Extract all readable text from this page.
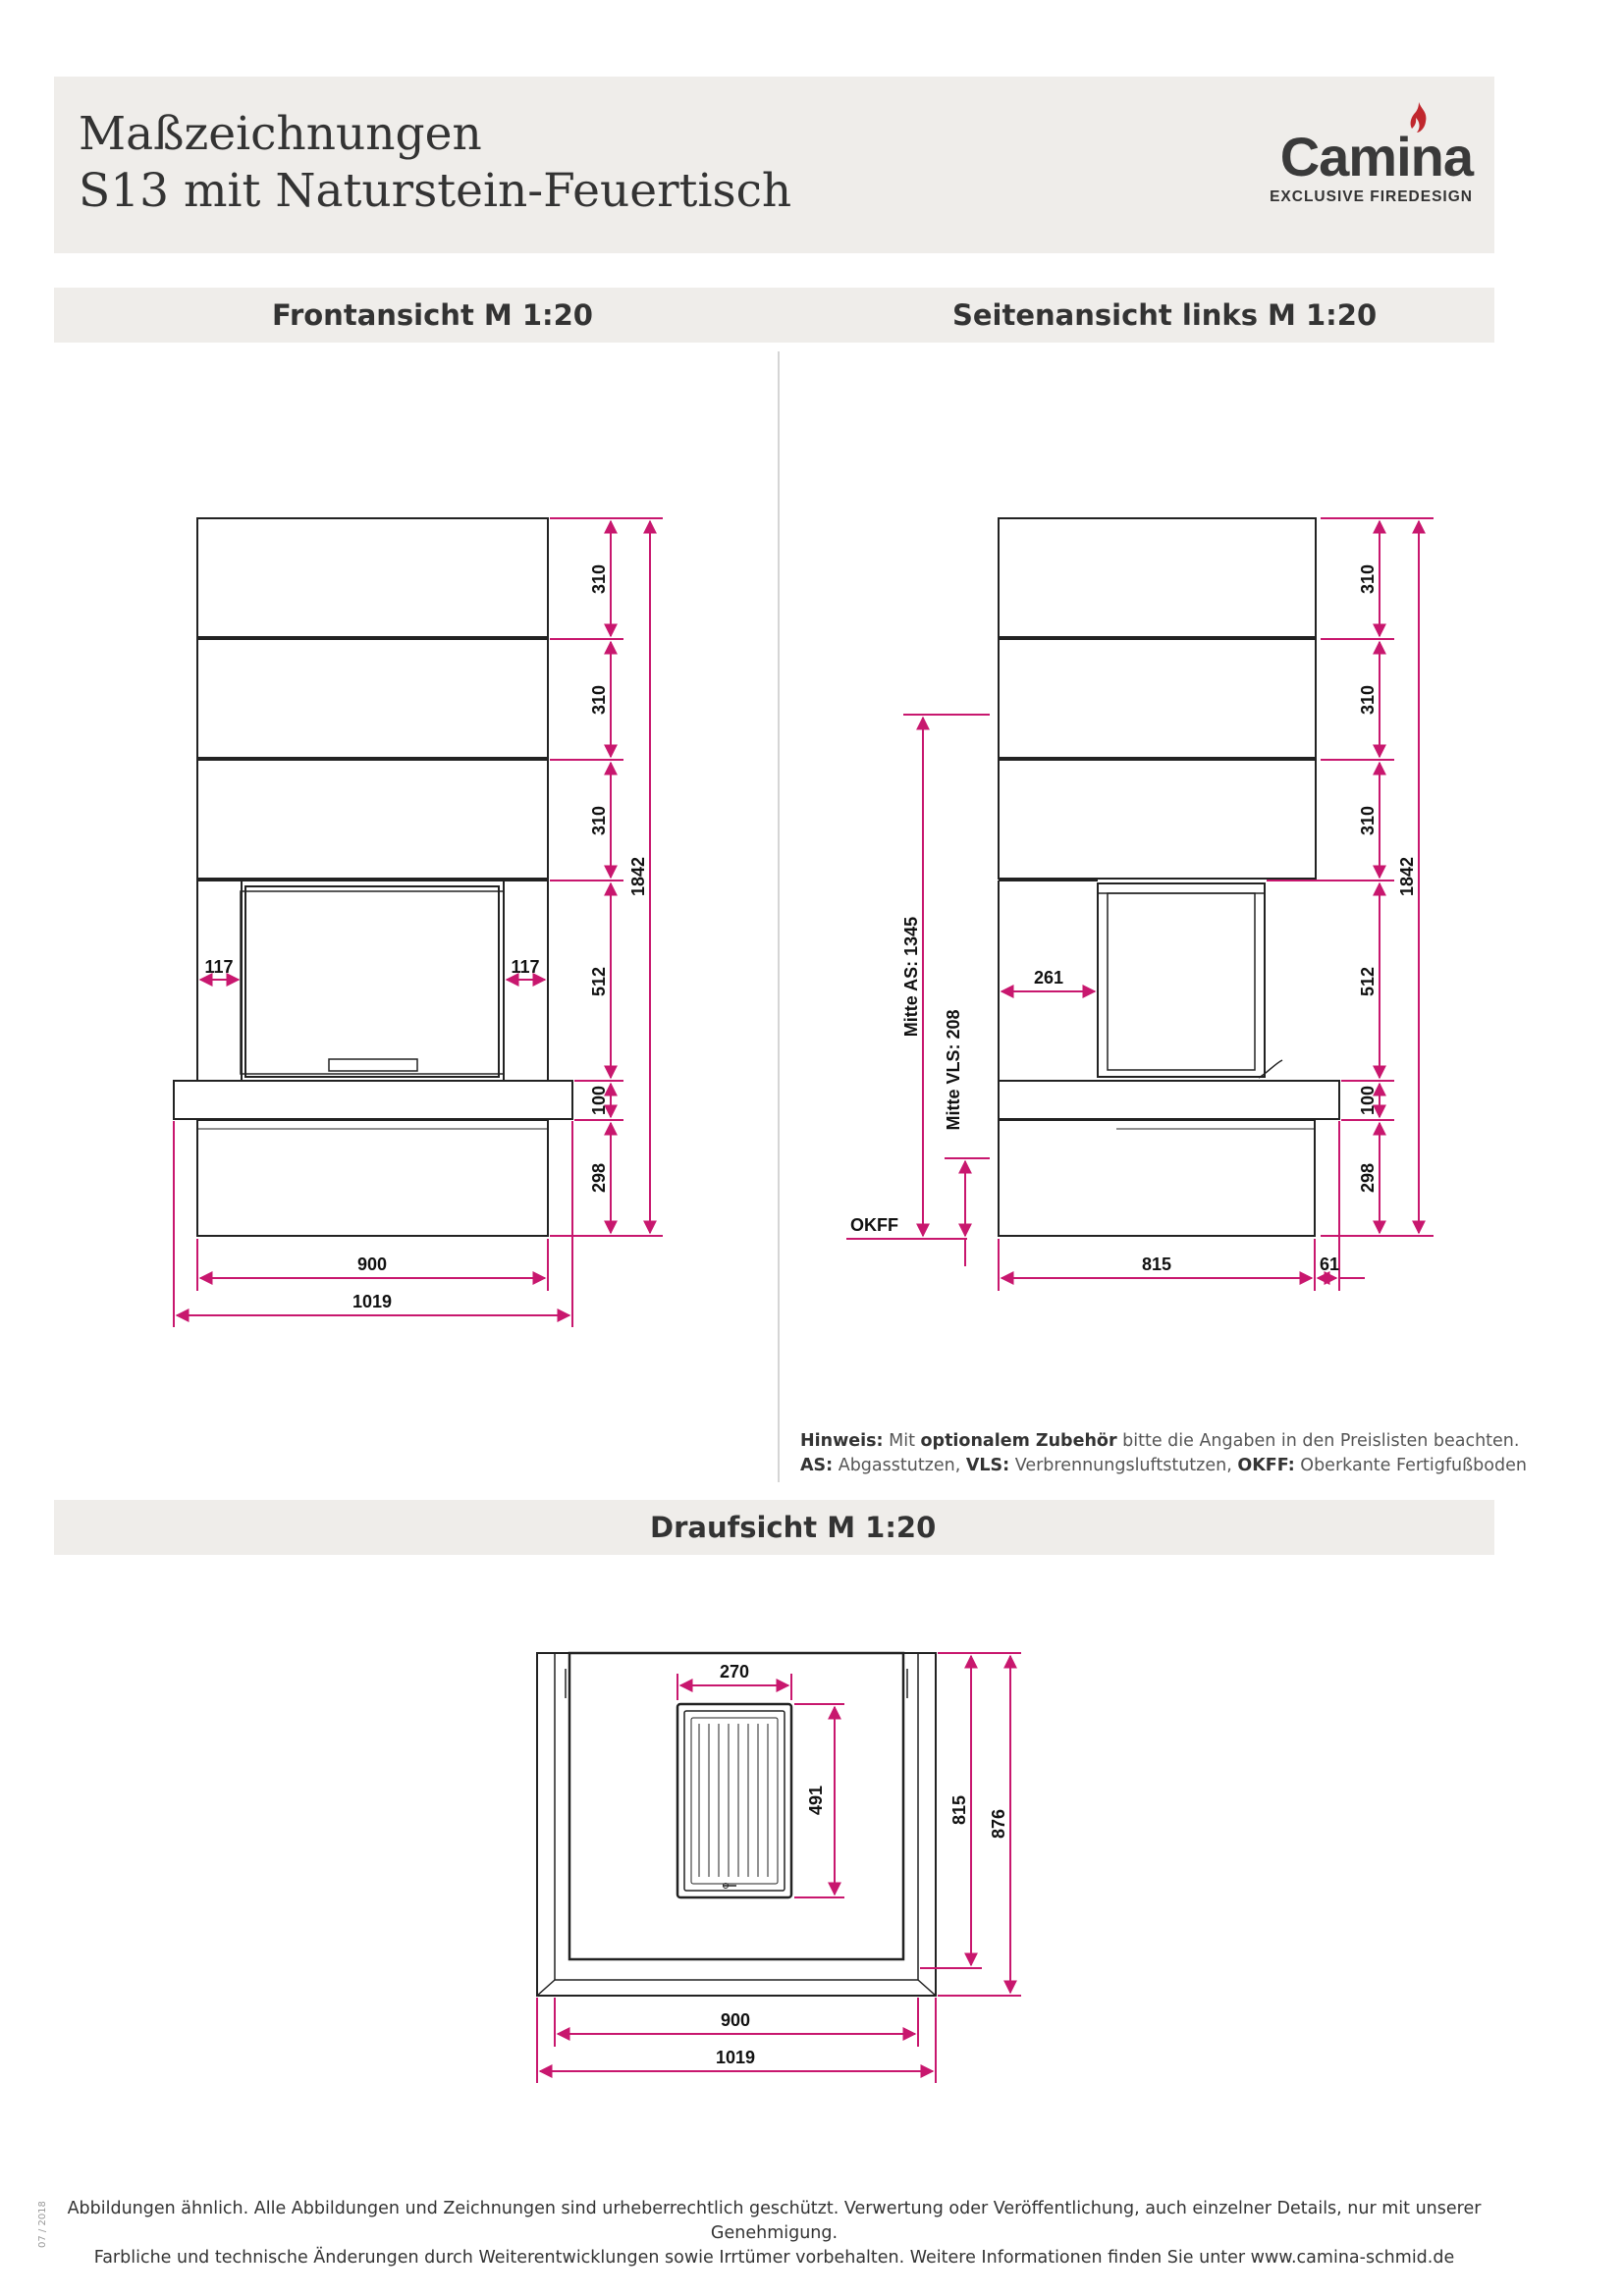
Maßzeichnungen
S13 mit Naturstein-Feuertisch
Camina
EXCLUSIVE FIREDESIGN
Frontansicht M 1:20	Seitenansicht links M 1:20
Draufsicht M 1:20
310
310
310
512
100
298
1842
117	117
900
1019
310
310
310
512
100
298
1842
Mitte AS: 1345
Mitte VLS: 208
OKFF
261
815	61
270
491	815 876
900
1019
Hinweis: Mit optionalem Zubehör bitte die Angaben in den Preislisten beachten.
AS: Abgasstutzen, VLS: Verbrennungsluftstutzen, OKFF: Oberkante Fertigfußboden
Abbildungen ähnlich. Alle Abbildungen und Zeichnungen sind urheberrechtlich geschützt. Verwertung oder Veröffentlichung, auch einzelner Details, nur mit unserer Genehmigung.
Farbliche und technische Änderungen durch Weiterentwicklungen sowie Irrtümer vorbehalten. Weitere Informationen finden Sie unter www.camina-schmid.de
07 / 2018
